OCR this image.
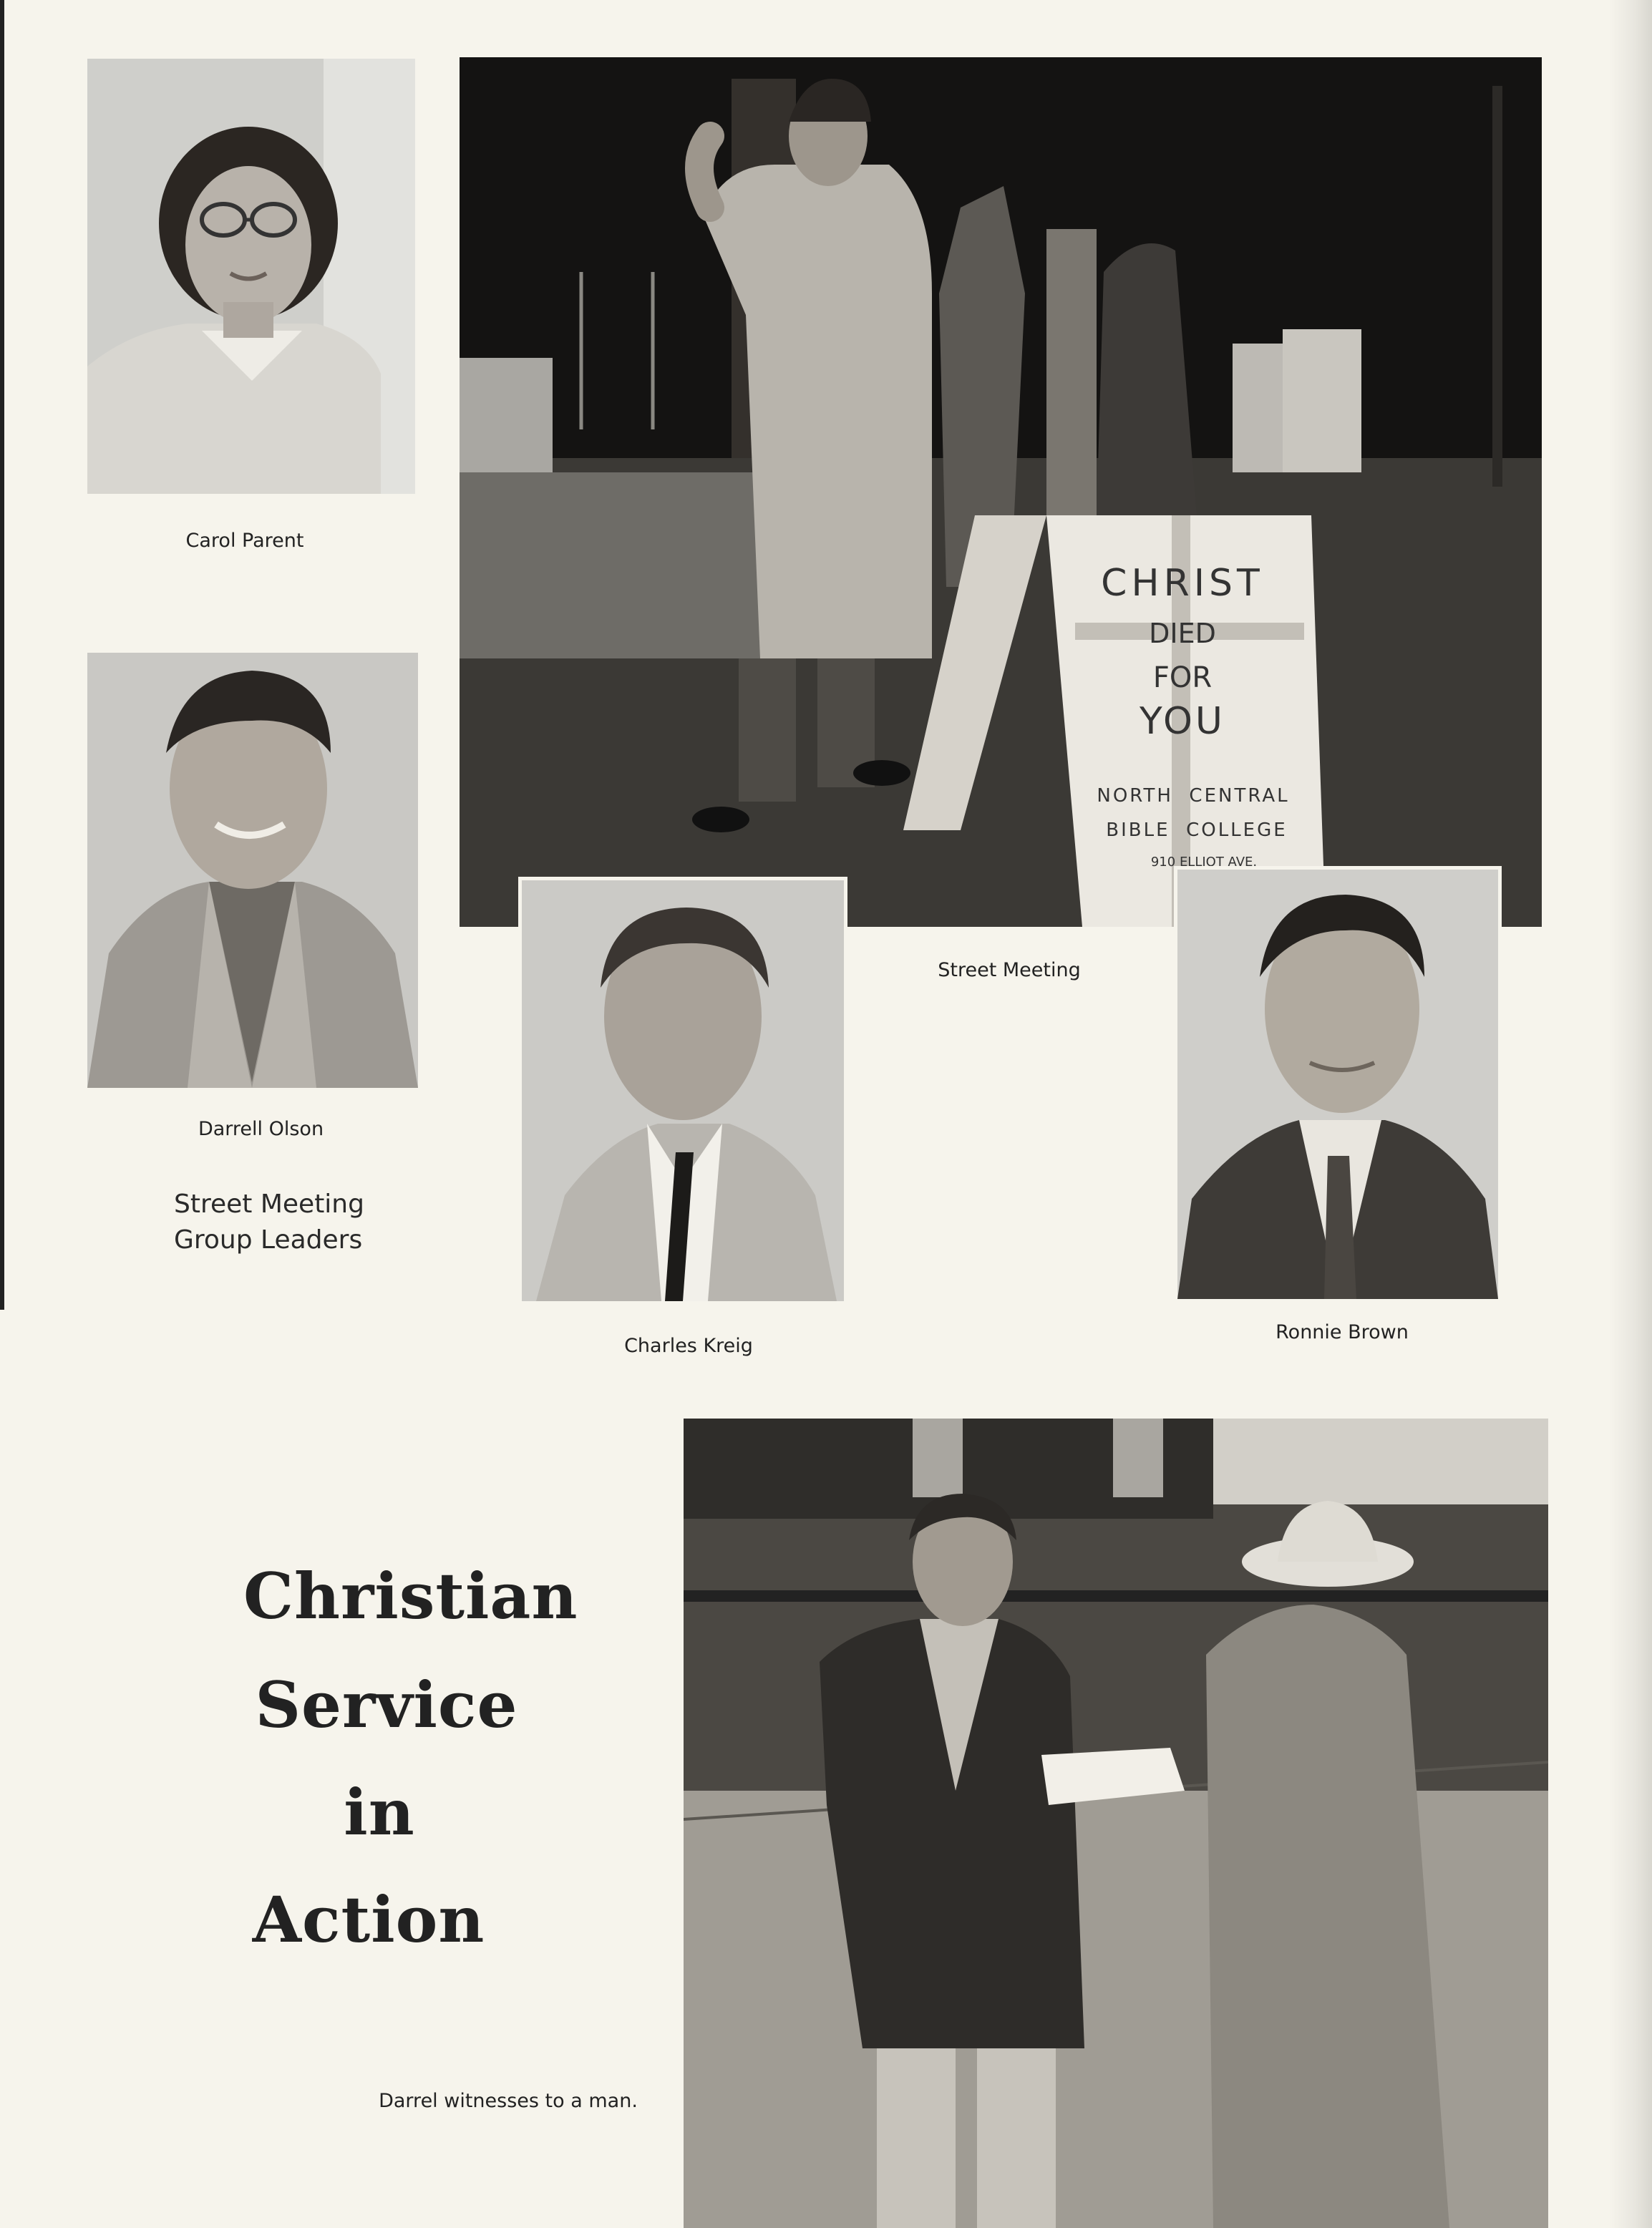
Carol Parent
Darrell Olson
Street Meeting
Group Leaders
CHRIST
DIED
FOR
YOU
NORTH  CENTRAL
BIBLE  COLLEGE
910 ELLIOT AVE.
Charles Kreig
Street Meeting
Ronnie Brown
Christian
Service
in
Action
Darrel witnesses to a man.
